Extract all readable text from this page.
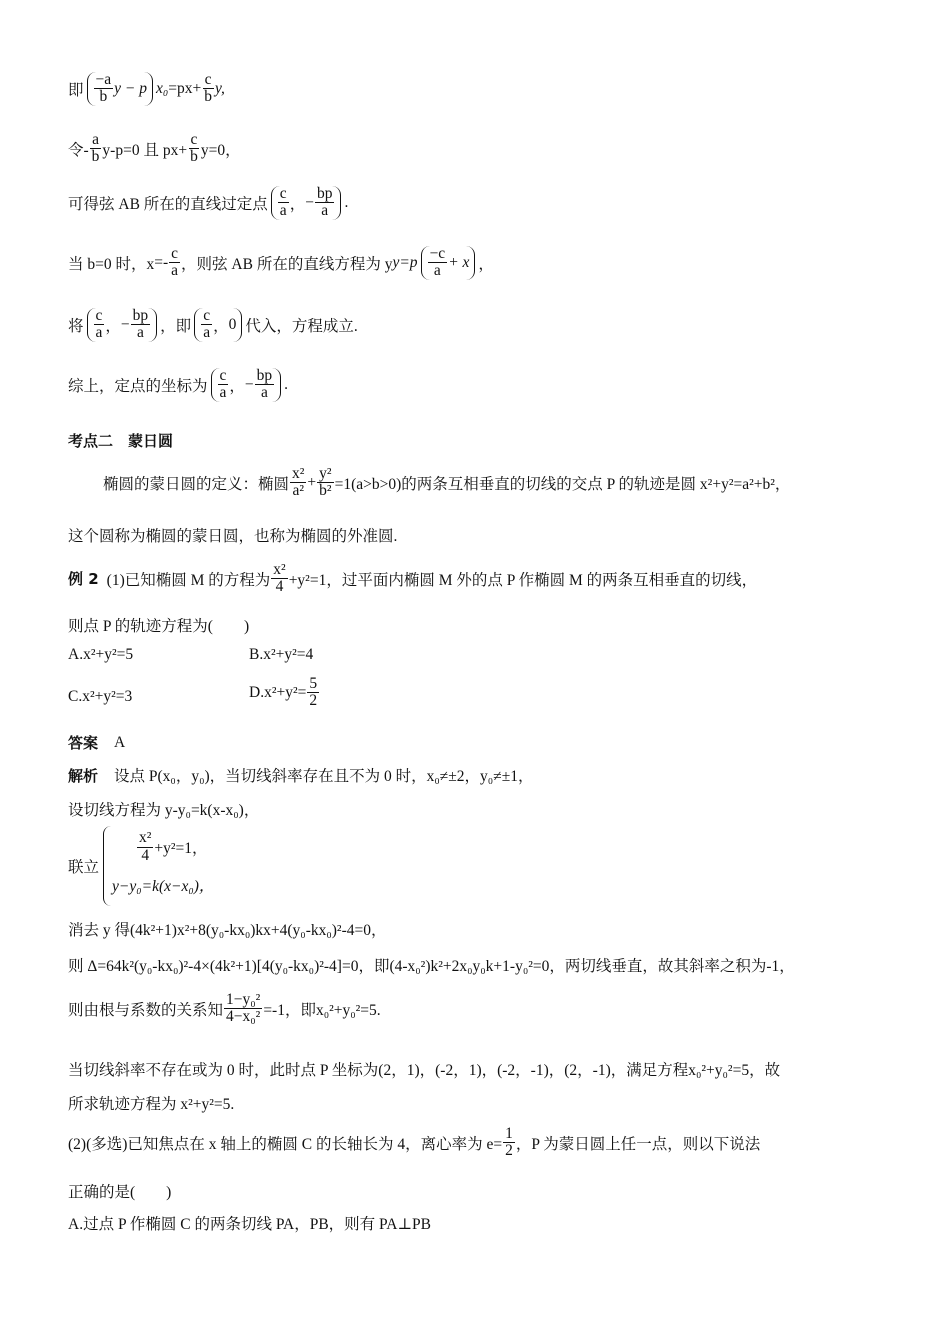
即 $\frac{-a}{b}$ y − p $x_0 =px+ \frac{c}{b} y$,
令- $\frac{a}{b} y-p=0$ 且 $px+ \frac{c}{b} y=0$，
可得弦 AB 所在的直线过定点 $\frac{c}{a}$ ， − $\frac{bp}{a}$ .
当 b=0 时，$x =- \frac{c}{a}$ ，则弦 AB 所在的直线方程为 y $y=p \frac{-c}{a} + x$ ，
将 $\frac{c}{a}$ ， − $\frac{bp}{a}$ ，即 $\frac{c}{a}$ ， 0 代入，方程成立.
综上，定点的坐标为 $\frac{c}{a}$ ， − $\frac{bp}{a}$ .
考点二　蒙日圆
椭圆的蒙日圆的定义：椭圆 $\frac{\text{x²}}{\text{a²}} + \frac{\text{y²}}{\text{b²}} =1(a>b>0)$的两条互相垂直的切线的交点 P 的轨迹是圆 x²+y²=a²+b²，
这个圆称为椭圆的蒙日圆，也称为椭圆的外准圆.
例 2 (1)已知椭圆 M 的方程为 $\frac{\text{x²}}{4} +y^2=1$，过平面内椭圆 M 外的点 P 作椭圆 M 的两条互相垂直的切线，
则点 P 的轨迹方程为(　　)
A.x²+y²=5	B.x²+y²=4
C.x²+y²=3	$D.x^2+y^2= \frac{5}{2}$
答案 A
解析 设点 P(x₀，y₀)，当切线斜率存在且不为 0 时，x₀≠±2，y₀≠±1，
设切线方程为 y-y₀=k(x-x₀)，
联立
$\frac{\text{x²}}{4} +y^2=1$，
y−y₀=k(x−x₀)，
消去 y 得(4k²+1)x²+8(y₀-kx₀)kx+4(y₀-kx₀)²-4=0，
则 Δ=64k²(y₀-kx₀)²-4×(4k²+1)[4(y₀-kx₀)²-4]=0，即(4-x₀²)k²+2x₀y₀k+1-y₀²=0，两切线垂直，故其斜率之积为-1，
则由根与系数的关系知 $\frac{\text{1−y₀²}}{\text{4−x₀²}} =-1$，即x₀²+y₀²=5.
当切线斜率不存在或为 0 时，此时点 P 坐标为(2，1)，(-2，1)，(-2，-1)，(2，-1)，满足方程x₀²+y₀²=5，故
所求轨迹方程为 x²+y²=5.
(2)(多选)已知焦点在 x 轴上的椭圆 C 的长轴长为 4，离心率为 $e= \frac{1}{2}$ ，P 为蒙日圆上任一点，则以下说法
正确的是(　　)
A.过点 P 作椭圆 C 的两条切线 PA，PB，则有 PA⊥PB
